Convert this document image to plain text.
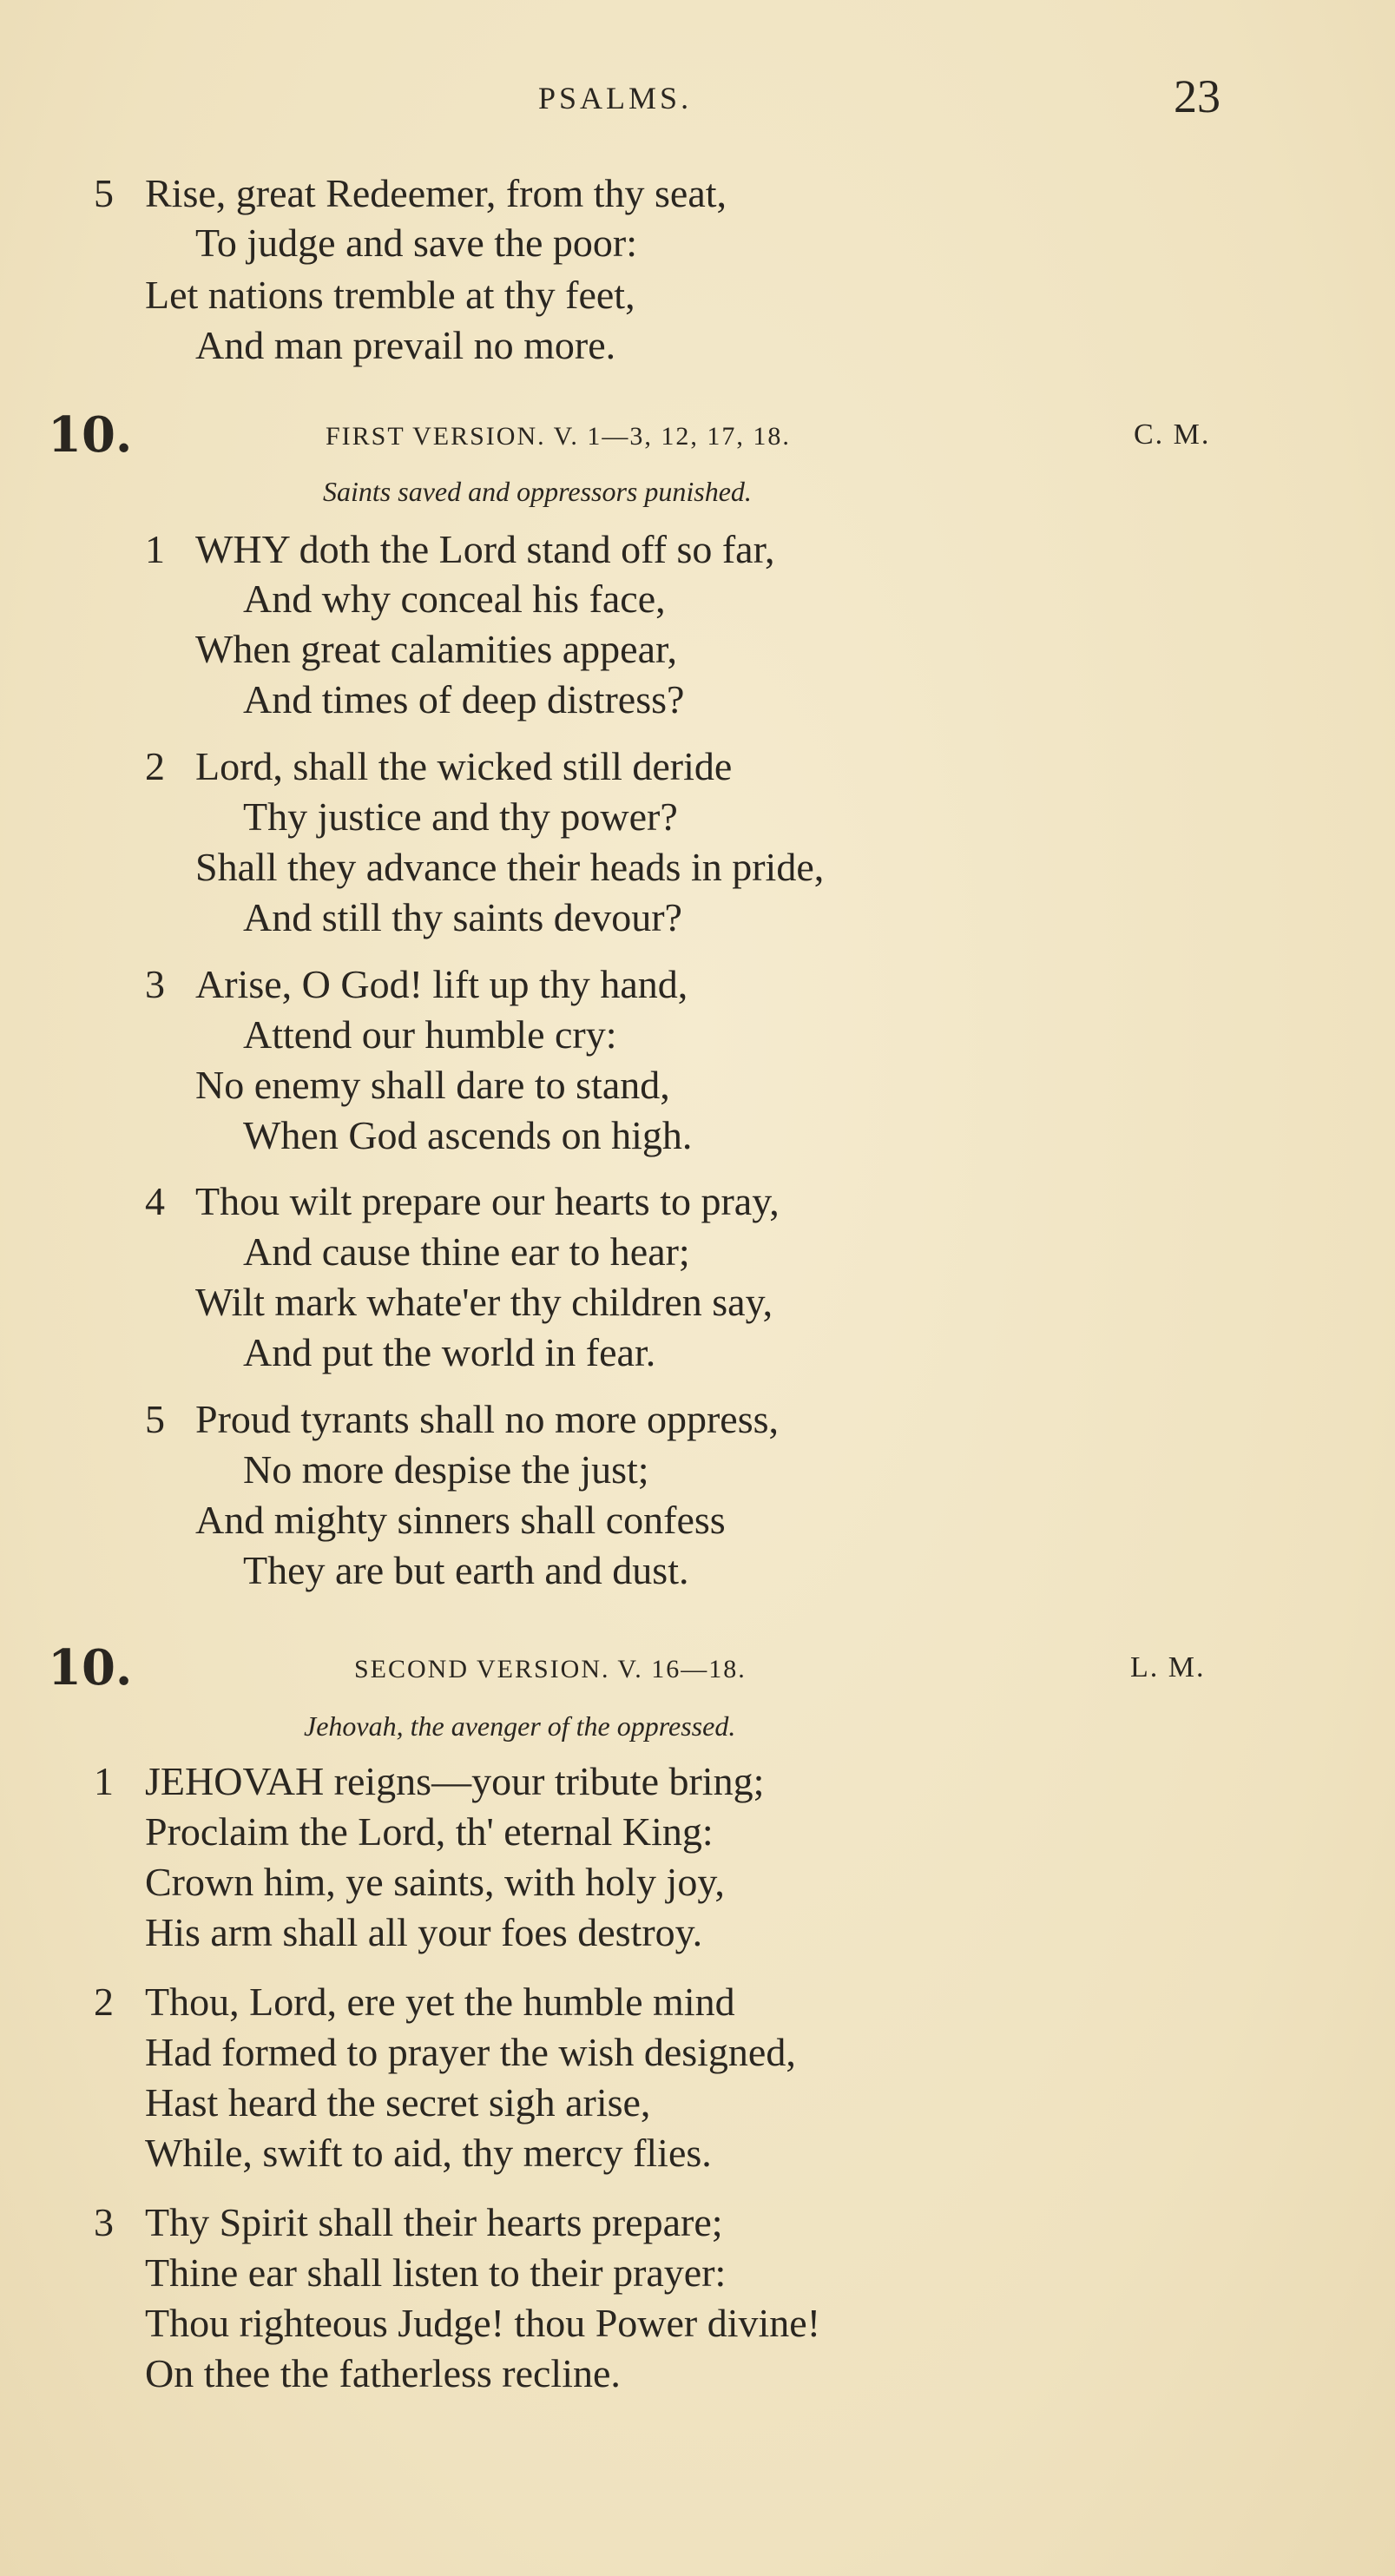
PSALMS.	23
5 Rise, great Redeemer, from thy seat,
To judge and save the poor:
Let nations tremble at thy feet,
And man prevail no more.
10.	FIRST VERSION. V. 1—3, 12, 17, 18.	C. M.
Saints saved and oppressors punished.
1 WHY doth the Lord stand off so far,
And why conceal his face,
When great calamities appear,
And times of deep distress?
2 Lord, shall the wicked still deride
Thy justice and thy power?
Shall they advance their heads in pride,
And still thy saints devour?
3 Arise, O God! lift up thy hand,
Attend our humble cry:
No enemy shall dare to stand,
When God ascends on high.
4 Thou wilt prepare our hearts to pray,
And cause thine ear to hear;
Wilt mark whate'er thy children say,
And put the world in fear.
5 Proud tyrants shall no more oppress,
No more despise the just;
And mighty sinners shall confess
They are but earth and dust.
10.	SECOND VERSION. V. 16—18.	L. M.
Jehovah, the avenger of the oppressed.
1 JEHOVAH reigns—your tribute bring;
Proclaim the Lord, th' eternal King:
Crown him, ye saints, with holy joy,
His arm shall all your foes destroy.
2 Thou, Lord, ere yet the humble mind
Had formed to prayer the wish designed,
Hast heard the secret sigh arise,
While, swift to aid, thy mercy flies.
3 Thy Spirit shall their hearts prepare;
Thine ear shall listen to their prayer:
Thou righteous Judge! thou Power divine!
On thee the fatherless recline.
